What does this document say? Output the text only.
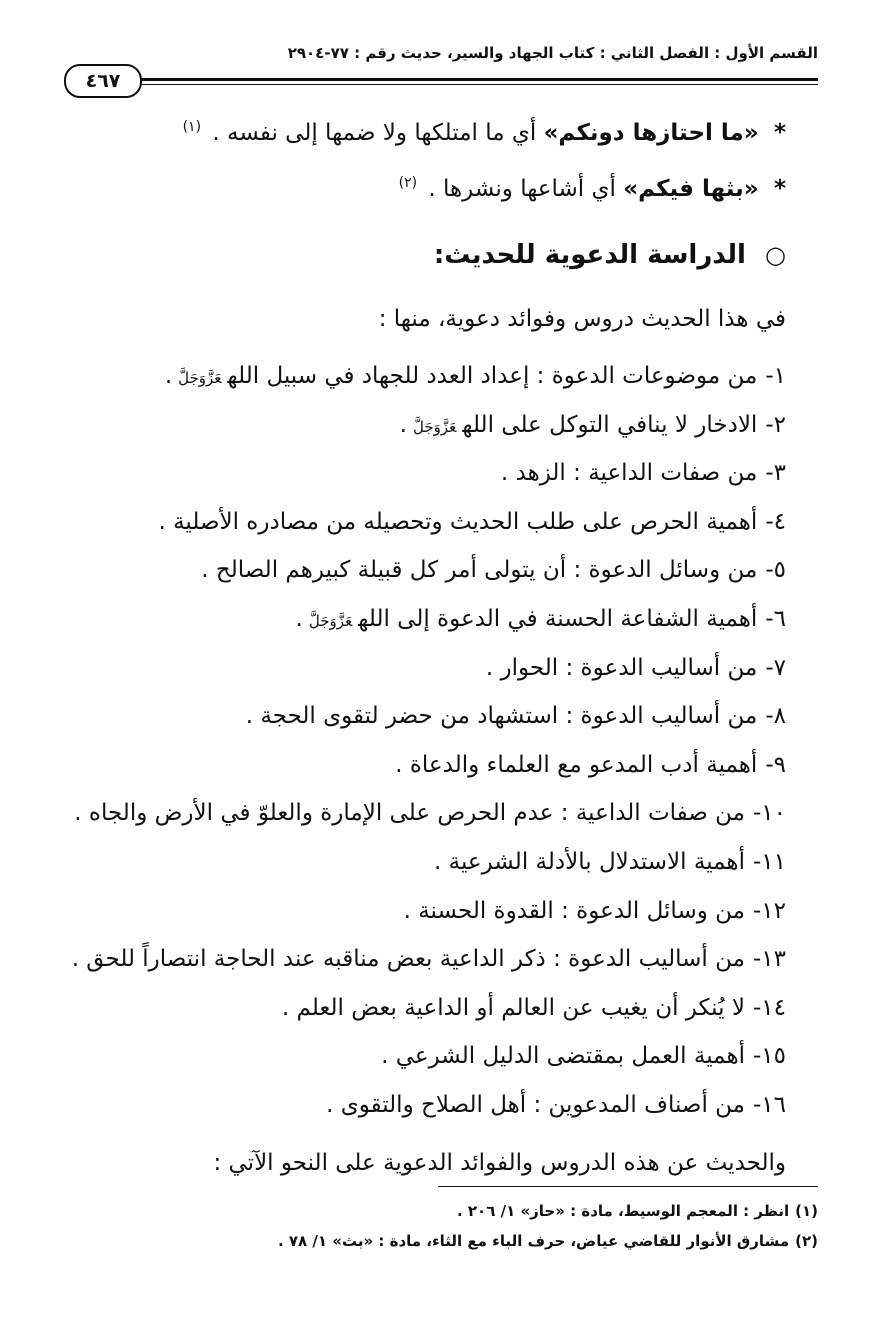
القسم الأول : الفصل الثاني : كتاب الجهاد والسير، حديث رقم : ٧٧-٢٩٠٤
٤٦٧

* «ما احتازها دونكم» أي ما امتلكها ولا ضمها إلى نفسه . $^{(١)}$

* «بثها فيكم» أي أشاعها ونشرها . $^{(٢)}$

○ الدراسة الدعوية للحديث:

في هذا الحديث دروس وفوائد دعوية، منها :

١-من موضوعات الدعوة : إعداد العدد للجهاد في سبيل اللهعَزَّوَجَلَّ.
٢-الادخار لا ينافي التوكل على اللهعَزَّوَجَلَّ.
٣-من صفات الداعية : الزهد .
٤-أهمية الحرص على طلب الحديث وتحصيله من مصادره الأصلية .
٥-من وسائل الدعوة : أن يتولى أمر كل قبيلة كبيرهم الصالح .
٦-أهمية الشفاعة الحسنة في الدعوة إلى اللهعَزَّوَجَلَّ.
٧-من أساليب الدعوة : الحوار .
٨-من أساليب الدعوة : استشهاد من حضر لتقوى الحجة .
٩-أهمية أدب المدعو مع العلماء والدعاة .
١٠-من صفات الداعية : عدم الحرص على الإمارة والعلوّ في الأرض والجاه .
١١-أهمية الاستدلال بالأدلة الشرعية .
١٢-من وسائل الدعوة : القدوة الحسنة .
١٣-من أساليب الدعوة : ذكر الداعية بعض مناقبه عند الحاجة انتصاراً للحق .
١٤-لا يُنكر أن يغيب عن العالم أو الداعية بعض العلم .
١٥-أهمية العمل بمقتضى الدليل الشرعي .
١٦-من أصناف المدعوين : أهل الصلاح والتقوى .

والحديث عن هذه الدروس والفوائد الدعوية على النحو الآتي :

(١)انظر : المعجم الوسيط، مادة : «حاز» ١/ ٢٠٦ .
(٢)مشارق الأنوار للقاضي عياض، حرف الباء مع الثاء، مادة : «بث» ١/ ٧٨ .
